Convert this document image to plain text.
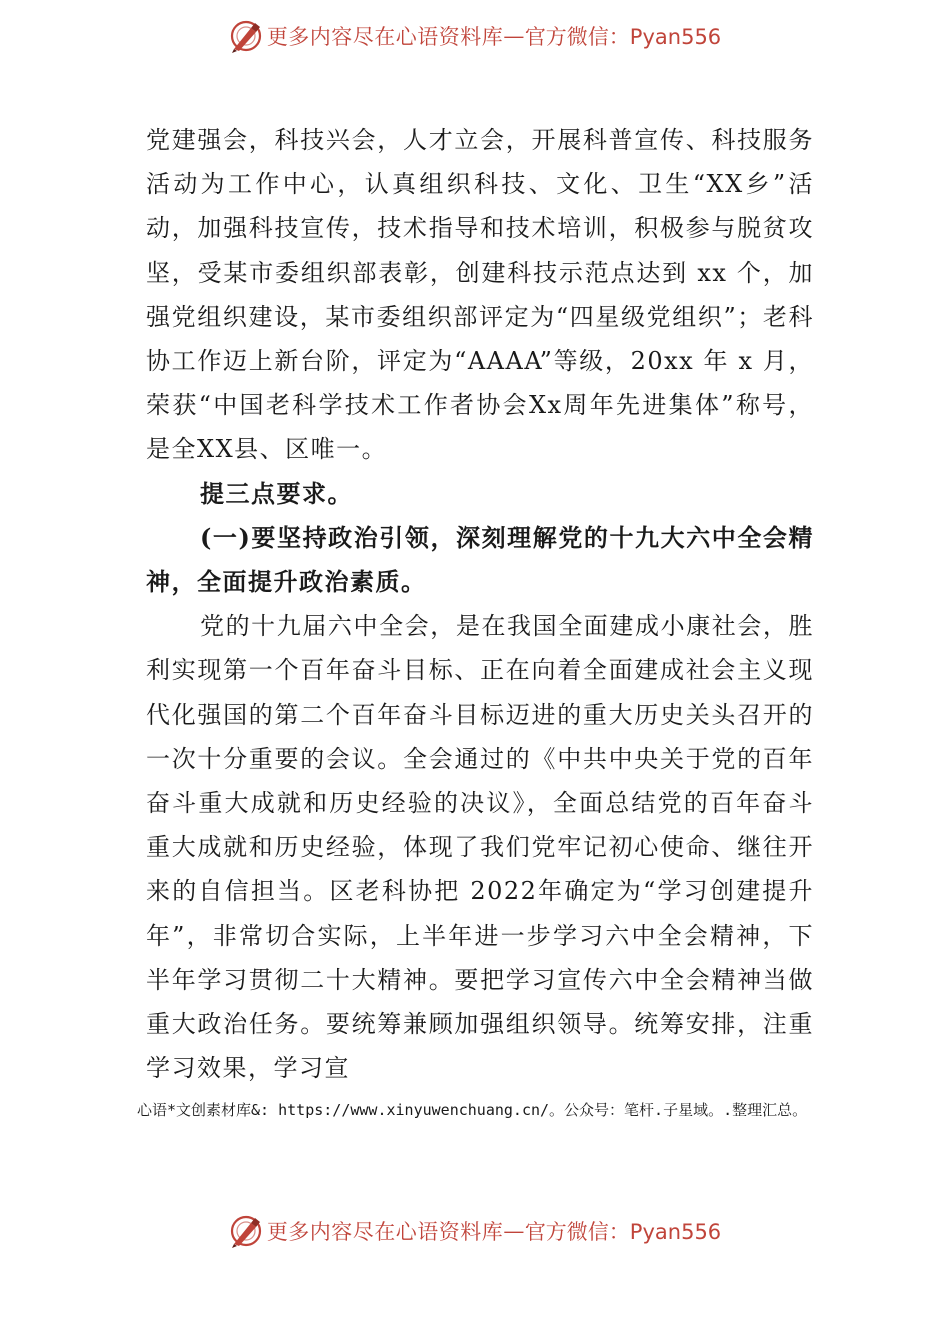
更多内容尽在心语资料库 — 官方微信：Pyan556

党建强会，科技兴会，人才立会，开展科普宣传、科技服务活动为工作中心，认真组织科技、文化、卫生“XX乡”活动，加强科技宣传，技术指导和技术培训，积极参与脱贫攻坚，受某市委组织部表彰，创建科技示范点达到 xx 个，加强党组织建设，某市委组织部评定为“四星级党组织”；老科协工作迈上新台阶，评定为“AAAA”等级，20xx 年 x 月，荣获“中国老科学技术工作者协会Xx周年先进集体”称号，是全XX县、区唯一。

提三点要求。

(一)要坚持政治引领，深刻理解党的十九大六中全会精神，全面提升政治素质。

党的十九届六中全会，是在我国全面建成小康社会，胜利实现第一个百年奋斗目标、正在向着全面建成社会主义现代化强国的第二个百年奋斗目标迈进的重大历史关头召开的一次十分重要的会议。全会通过的《中共中央关于党的百年奋斗重大成就和历史经验的决议》，全面总结党的百年奋斗重大成就和历史经验，体现了我们党牢记初心使命、继往开来的自信担当。区老科协把 2022年确定为“学习创建提升年”，非常切合实际，上半年进一步学习六中全会精神，下半年学习贯彻二十大精神。要把学习宣传六中全会精神当做重大政治任务。要统筹兼顾加强组织领导。统筹安排，注重学习效果，学习宣

心语*文创素材库&: https://www.xinyuwenchuang.cn/。公众号：笔杆.子星域。.整理汇总。
更多内容尽在心语资料库 — 官方微信：Pyan556
